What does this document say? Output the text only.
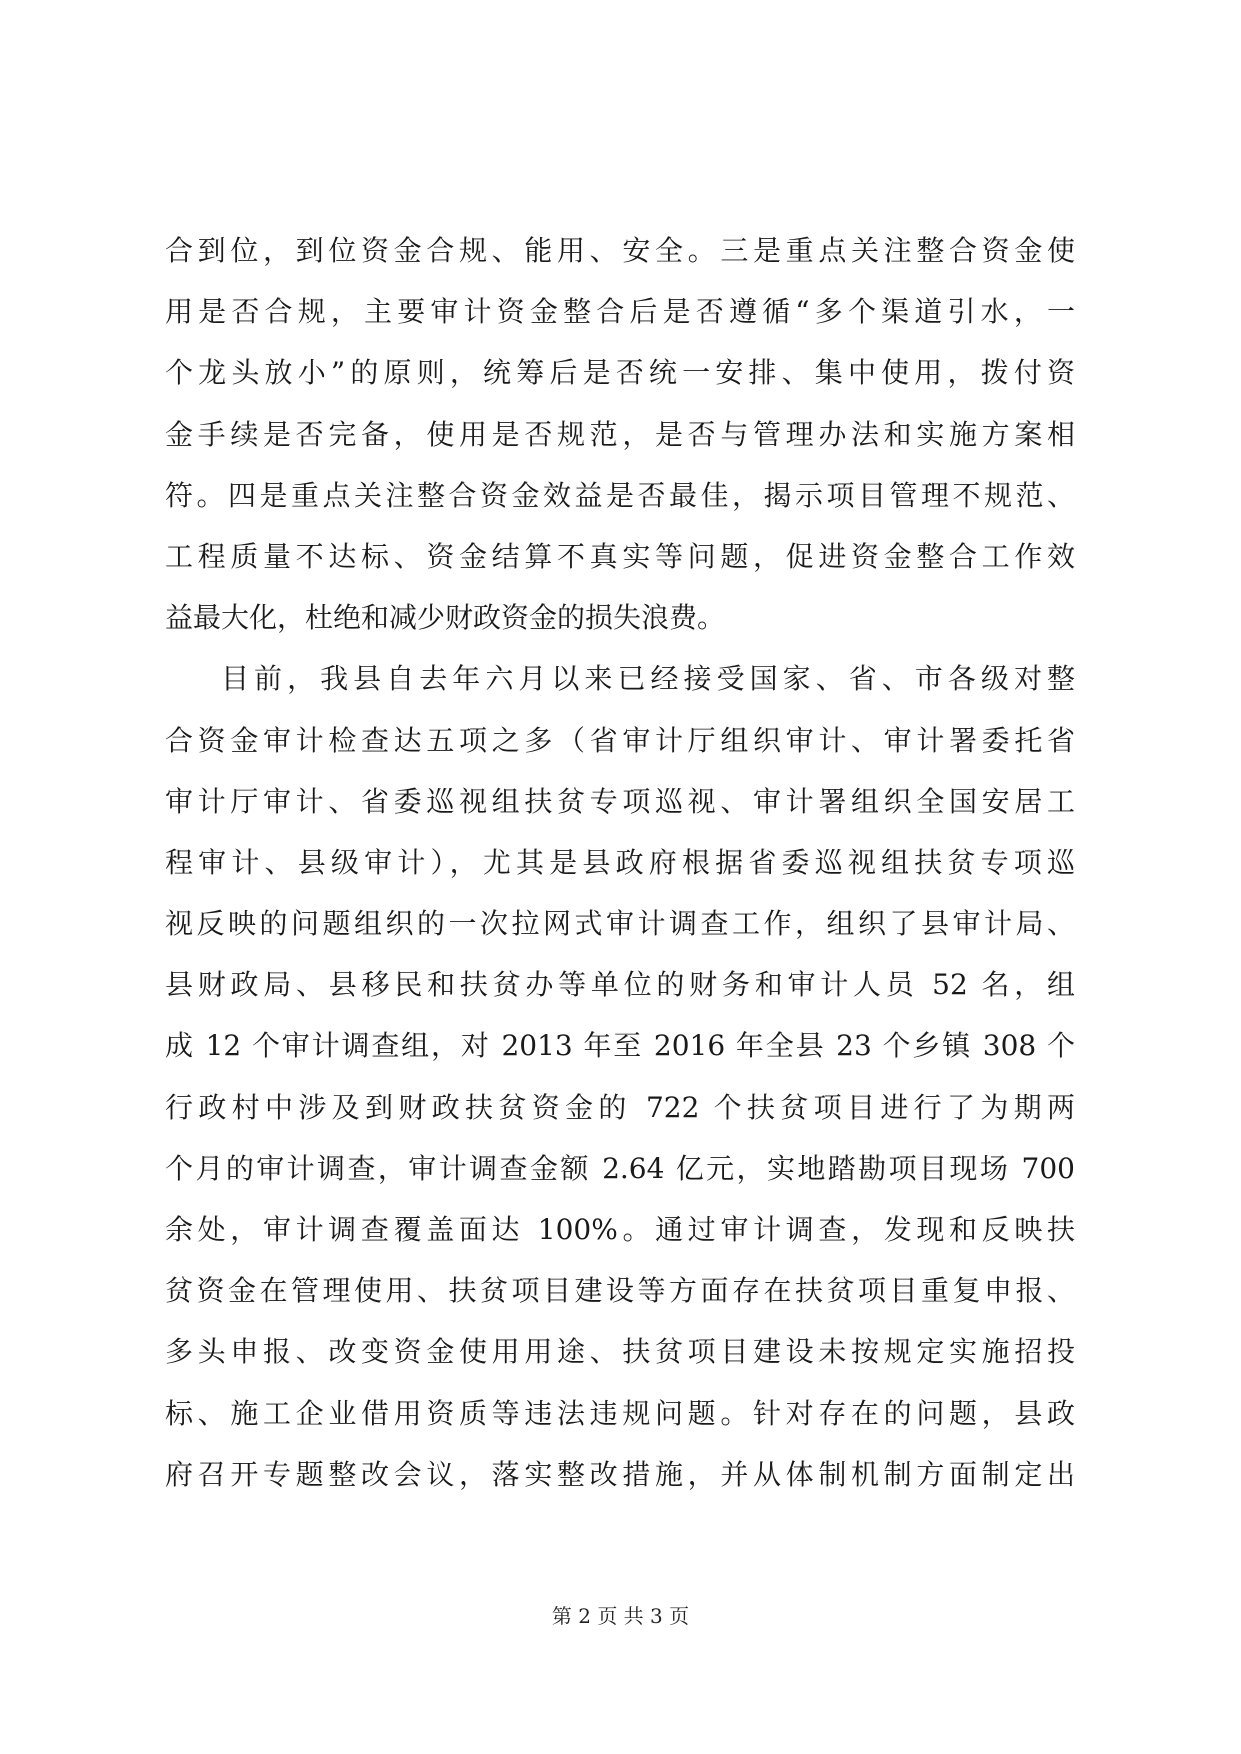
合到位，到位资金合规、能用、安全。三是重点关注整合资金使
用是否合规，主要审计资金整合后是否遵循“多个渠道引水，一
个龙头放小”的原则，统筹后是否统一安排、集中使用，拨付资
金手续是否完备，使用是否规范，是否与管理办法和实施方案相
符。四是重点关注整合资金效益是否最佳，揭示项目管理不规范、
工程质量不达标、资金结算不真实等问题，促进资金整合工作效
益最大化，杜绝和减少财政资金的损失浪费。
目前，我县自去年六月以来已经接受国家、省、市各级对整
合资金审计检查达五项之多（省审计厅组织审计、审计署委托省
审计厅审计、省委巡视组扶贫专项巡视、审计署组织全国安居工
程审计、县级审计），尤其是县政府根据省委巡视组扶贫专项巡
视反映的问题组织的一次拉网式审计调查工作，组织了县审计局、
县财政局、县移民和扶贫办等单位的财务和审计人员 52 名，组
成 12 个审计调查组，对 2013 年至 2016 年全县 23 个乡镇 308 个
行政村中涉及到财政扶贫资金的 722 个扶贫项目进行了为期两
个月的审计调查，审计调查金额 2.64 亿元，实地踏勘项目现场 700
余处，审计调查覆盖面达 100%。通过审计调查，发现和反映扶
贫资金在管理使用、扶贫项目建设等方面存在扶贫项目重复申报、
多头申报、改变资金使用用途、扶贫项目建设未按规定实施招投
标、施工企业借用资质等违法违规问题。针对存在的问题，县政
府召开专题整改会议，落实整改措施，并从体制机制方面制定出
第 2 页 共 3 页
